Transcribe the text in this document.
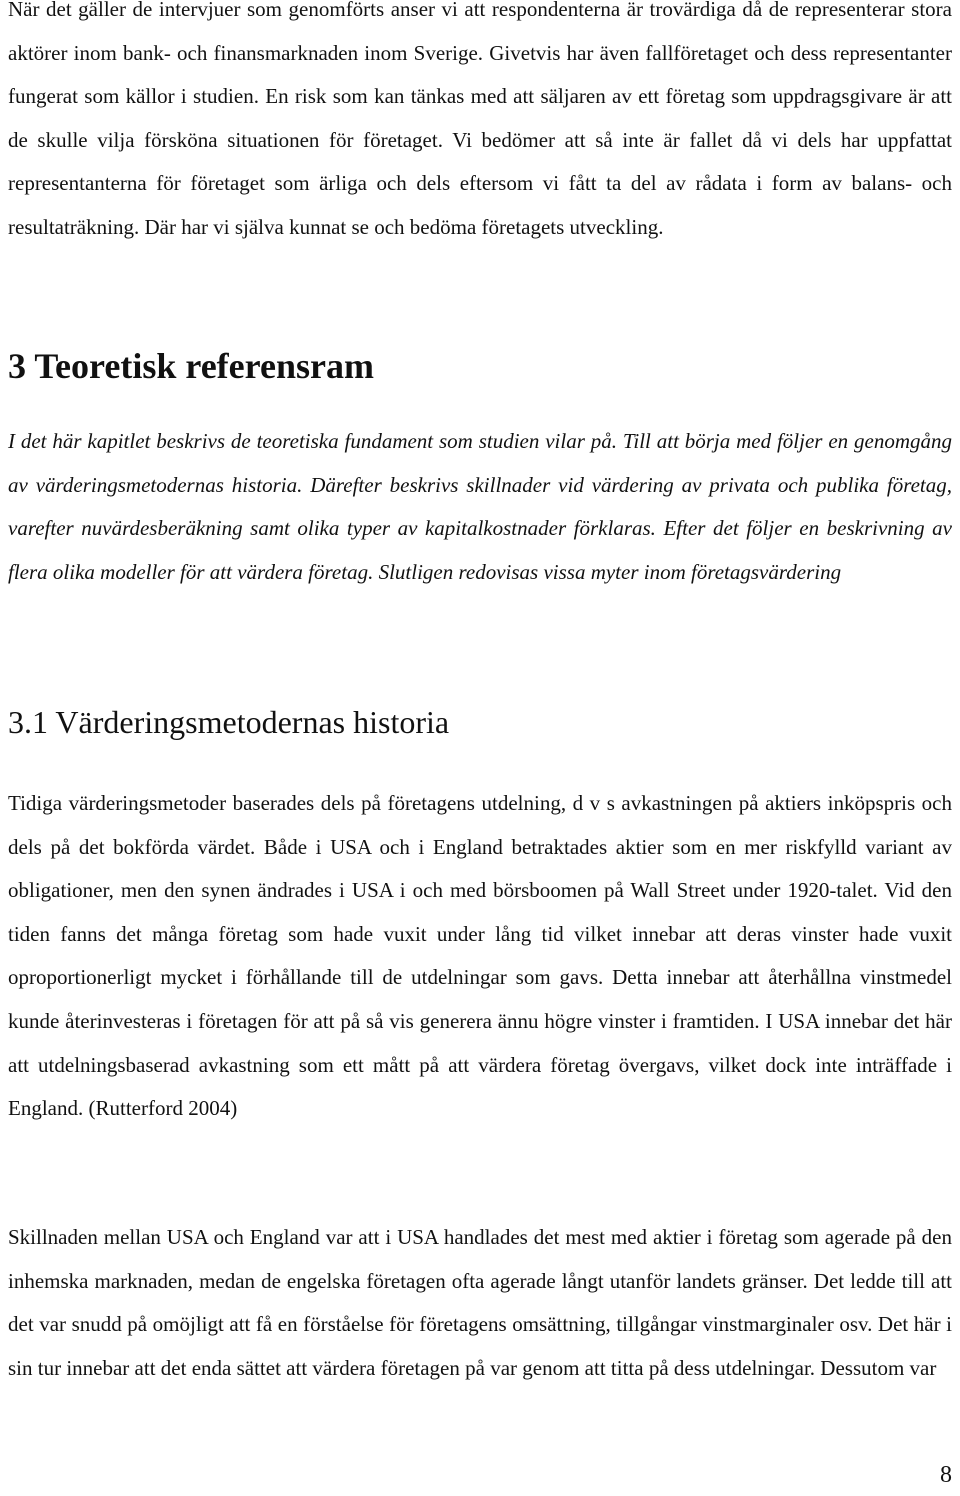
När det gäller de intervjuer som genomförts anser vi att respondenterna är trovärdiga då de representerar stora aktörer inom bank- och finansmarknaden inom Sverige. Givetvis har även fallföretaget och dess representanter fungerat som källor i studien. En risk som kan tänkas med att säljaren av ett företag som uppdragsgivare är att de skulle vilja försköna situationen för företaget. Vi bedömer att så inte är fallet då vi dels har uppfattat representanterna för företaget som ärliga och dels eftersom vi fått ta del av rådata i form av balans- och resultaträkning. Där har vi själva kunnat se och bedöma företagets utveckling.

3 Teoretisk referensram

I det här kapitlet beskrivs de teoretiska fundament som studien vilar på. Till att börja med följer en genomgång av värderingsmetodernas historia. Därefter beskrivs skillnader vid värdering av privata och publika företag, varefter nuvärdesberäkning samt olika typer av kapitalkostnader förklaras. Efter det följer en beskrivning av flera olika modeller för att värdera företag. Slutligen redovisas vissa myter inom företagsvärdering

3.1 Värderingsmetodernas historia

Tidiga värderingsmetoder baserades dels på företagens utdelning, d v s avkastningen på aktiers inköpspris och dels på det bokförda värdet. Både i USA och i England betraktades aktier som en mer riskfylld variant av obligationer, men den synen ändrades i USA i och med börsboomen på Wall Street under 1920-talet. Vid den tiden fanns det många företag som hade vuxit under lång tid vilket innebar att deras vinster hade vuxit oproportionerligt mycket i förhållande till de utdelningar som gavs. Detta innebar att återhållna vinstmedel kunde återinvesteras i företagen för att på så vis generera ännu högre vinster i framtiden. I USA innebar det här att utdelningsbaserad avkastning som ett mått på att värdera företag övergavs, vilket dock inte inträffade i England. (Rutterford 2004)

Skillnaden mellan USA och England var att i USA handlades det mest med aktier i företag som agerade på den inhemska marknaden, medan de engelska företagen ofta agerade långt utanför landets gränser. Det ledde till att det var snudd på omöjligt att få en förståelse för företagens omsättning, tillgångar vinstmarginaler osv. Det här i sin tur innebar att det enda sättet att värdera företagen på var genom att titta på dess utdelningar. Dessutom var

8
